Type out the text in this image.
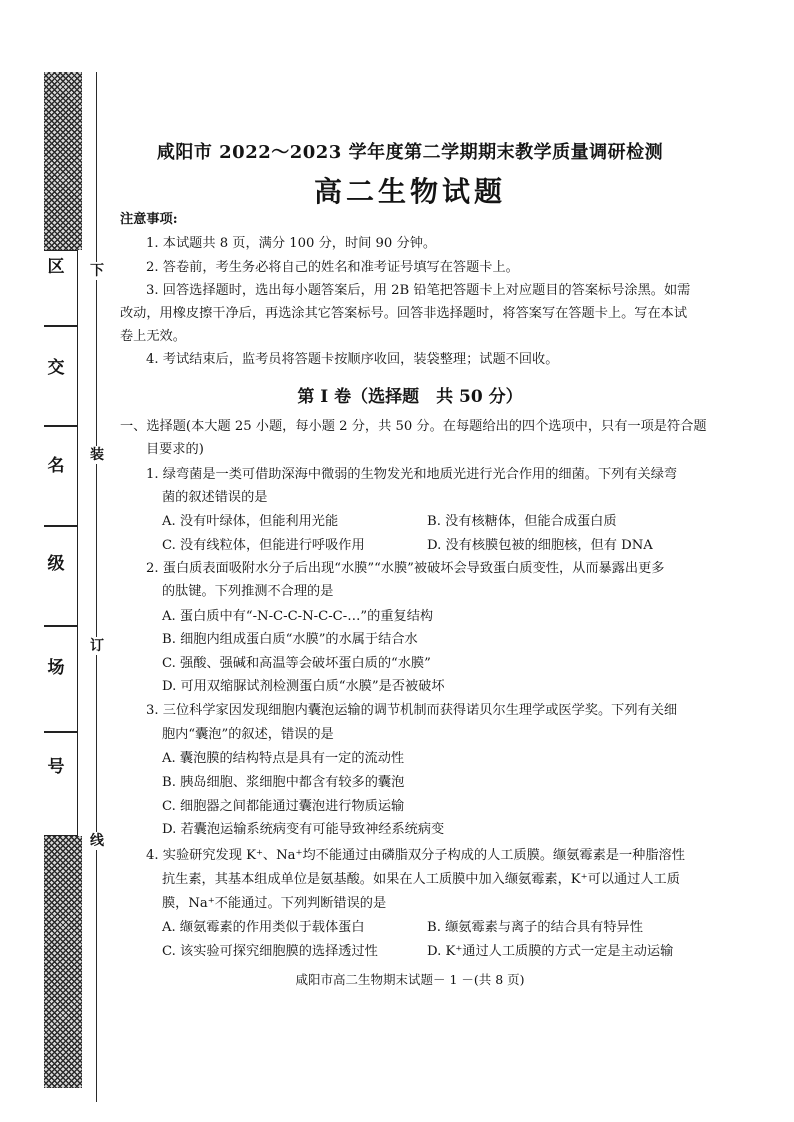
区
交
名
级
场
号
下
装
订
线
咸阳市 2022～2023 学年度第二学期期末教学质量调研检测
高二生物试题
注意事项:
1. 本试题共 8 页，满分 100 分，时间 90 分钟。
2. 答卷前，考生务必将自己的姓名和准考证号填写在答题卡上。
3. 回答选择题时，选出每小题答案后，用 2B 铅笔把答题卡上对应题目的答案标号涂黑。如需
改动，用橡皮擦干净后，再选涂其它答案标号。回答非选择题时，将答案写在答题卡上。写在本试
卷上无效。
4. 考试结束后，监考员将答题卡按顺序收回，装袋整理；试题不回收。
第 Ⅰ 卷（选择题　共 50 分）
一、选择题(本大题 25 小题，每小题 2 分，共 50 分。在每题给出的四个选项中，只有一项是符合题
目要求的)
1. 绿弯菌是一类可借助深海中微弱的生物发光和地质光进行光合作用的细菌。下列有关绿弯
菌的叙述错误的是
A. 没有叶绿体，但能利用光能	B. 没有核糖体，但能合成蛋白质
C. 没有线粒体，但能进行呼吸作用	D. 没有核膜包被的细胞核，但有 DNA
2. 蛋白质表面吸附水分子后出现“水膜”“水膜”被破坏会导致蛋白质变性，从而暴露出更多
的肽键。下列推测不合理的是
A. 蛋白质中有“-N-C-C-N-C-C-…”的重复结构
B. 细胞内组成蛋白质“水膜”的水属于结合水
C. 强酸、强碱和高温等会破坏蛋白质的“水膜”
D. 可用双缩脲试剂检测蛋白质“水膜”是否被破坏
3. 三位科学家因发现细胞内囊泡运输的调节机制而获得诺贝尔生理学或医学奖。下列有关细
胞内“囊泡”的叙述，错误的是
A. 囊泡膜的结构特点是具有一定的流动性
B. 胰岛细胞、浆细胞中都含有较多的囊泡
C. 细胞器之间都能通过囊泡进行物质运输
D. 若囊泡运输系统病变有可能导致神经系统病变
4. 实验研究发现 K⁺、Na⁺均不能通过由磷脂双分子构成的人工质膜。缬氨霉素是一种脂溶性
抗生素，其基本组成单位是氨基酸。如果在人工质膜中加入缬氨霉素，K⁺可以通过人工质
膜，Na⁺不能通过。下列判断错误的是
A. 缬氨霉素的作用类似于载体蛋白	B. 缬氨霉素与离子的结合具有特异性
C. 该实验可探究细胞膜的选择透过性	D. K⁺通过人工质膜的方式一定是主动运输
咸阳市高二生物期末试题－ 1 －(共 8 页)
